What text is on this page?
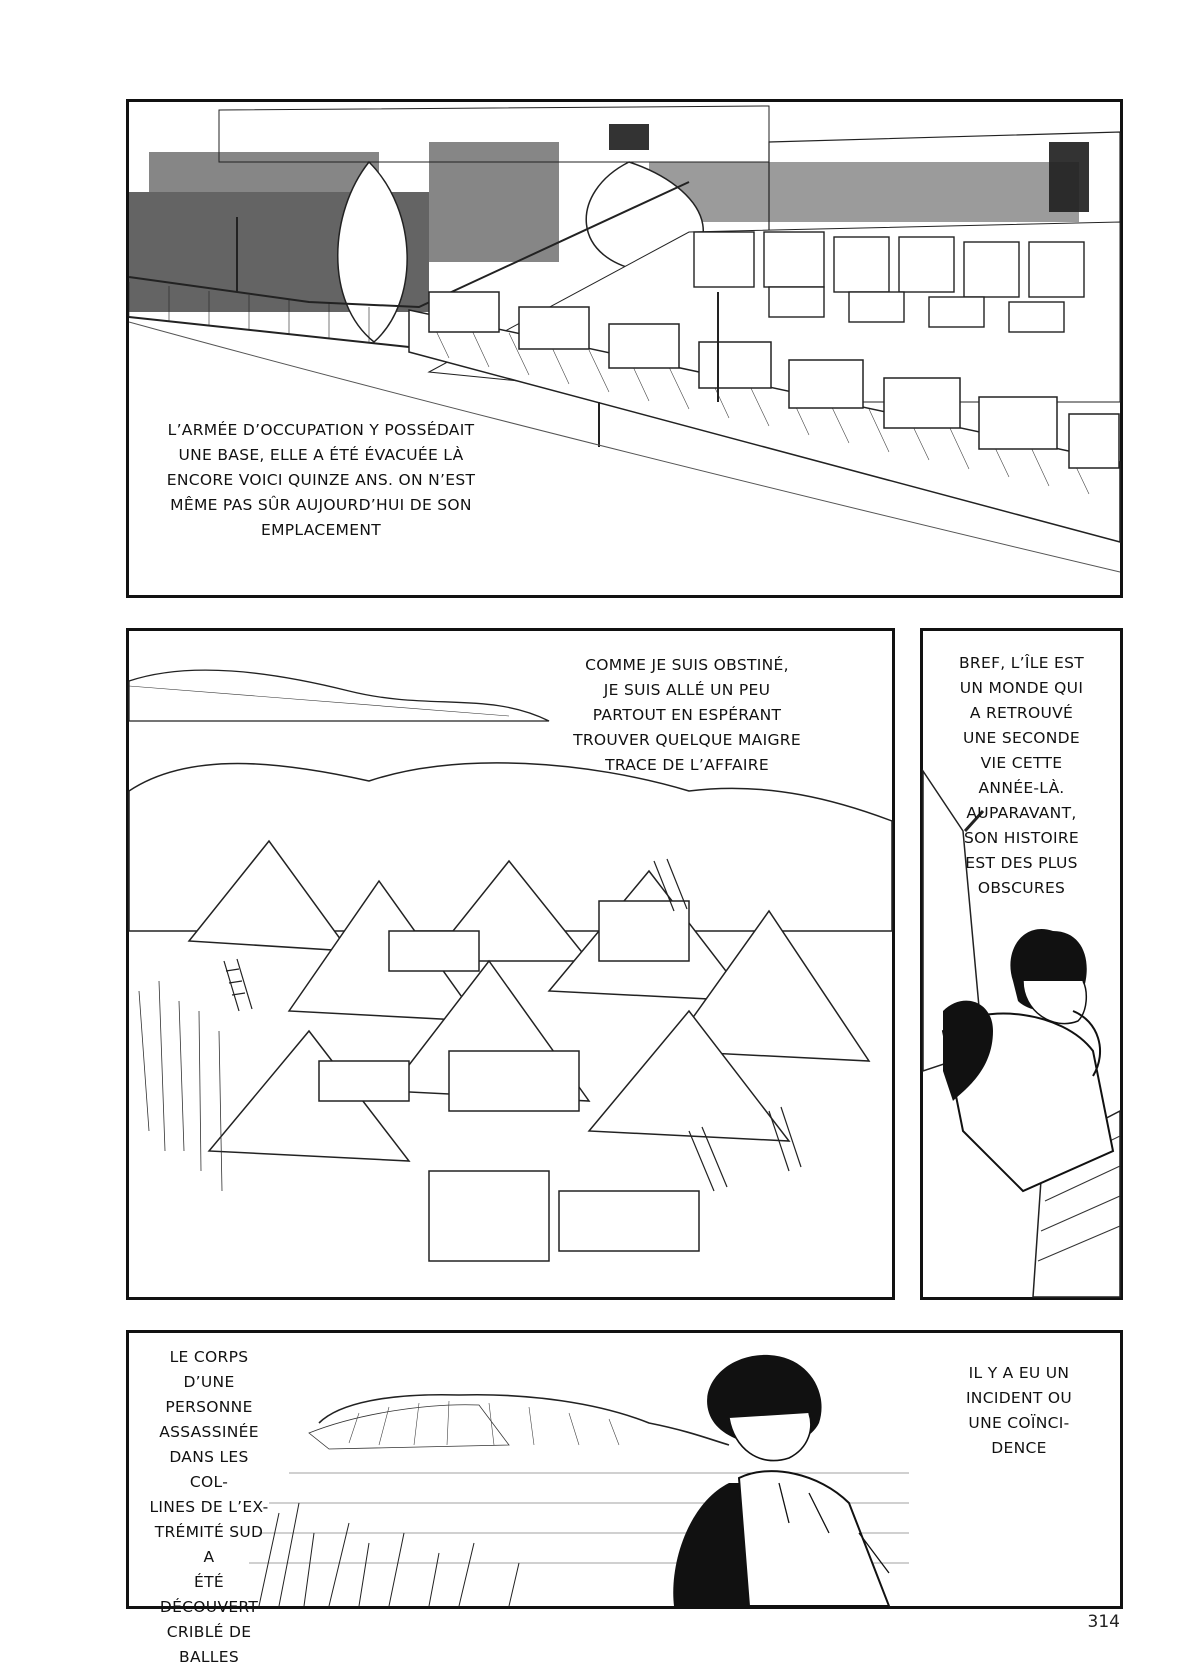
L’ARMÉE D’OCCUPATION Y POSSÉDAIT
UNE BASE, ELLE A ÉTÉ ÉVACUÉE LÀ
ENCORE VOICI QUINZE ANS. ON N’EST
MÊME PAS SÛR AUJOURD’HUI DE SON
EMPLACEMENT
COMME JE SUIS OBSTINÉ,
JE SUIS ALLÉ UN PEU
PARTOUT EN ESPÉRANT
TROUVER QUELQUE MAIGRE
TRACE DE L’AFFAIRE
BREF, L’ÎLE EST
UN MONDE QUI
A RETROUVÉ
UNE SECONDE
VIE CETTE
ANNÉE-LÀ.
AUPARAVANT,
SON HISTOIRE
EST DES PLUS
OBSCURES
LE CORPS
D’UNE PERSONNE
ASSASSINÉE
DANS LES COL-
LINES DE L’EX-
TRÉMITÉ SUD A
ÉTÉ DÉCOUVERT
CRIBLÉ DE
BALLES
IL Y A EU UN
INCIDENT OU
UNE COÏNCI-
DENCE
314
